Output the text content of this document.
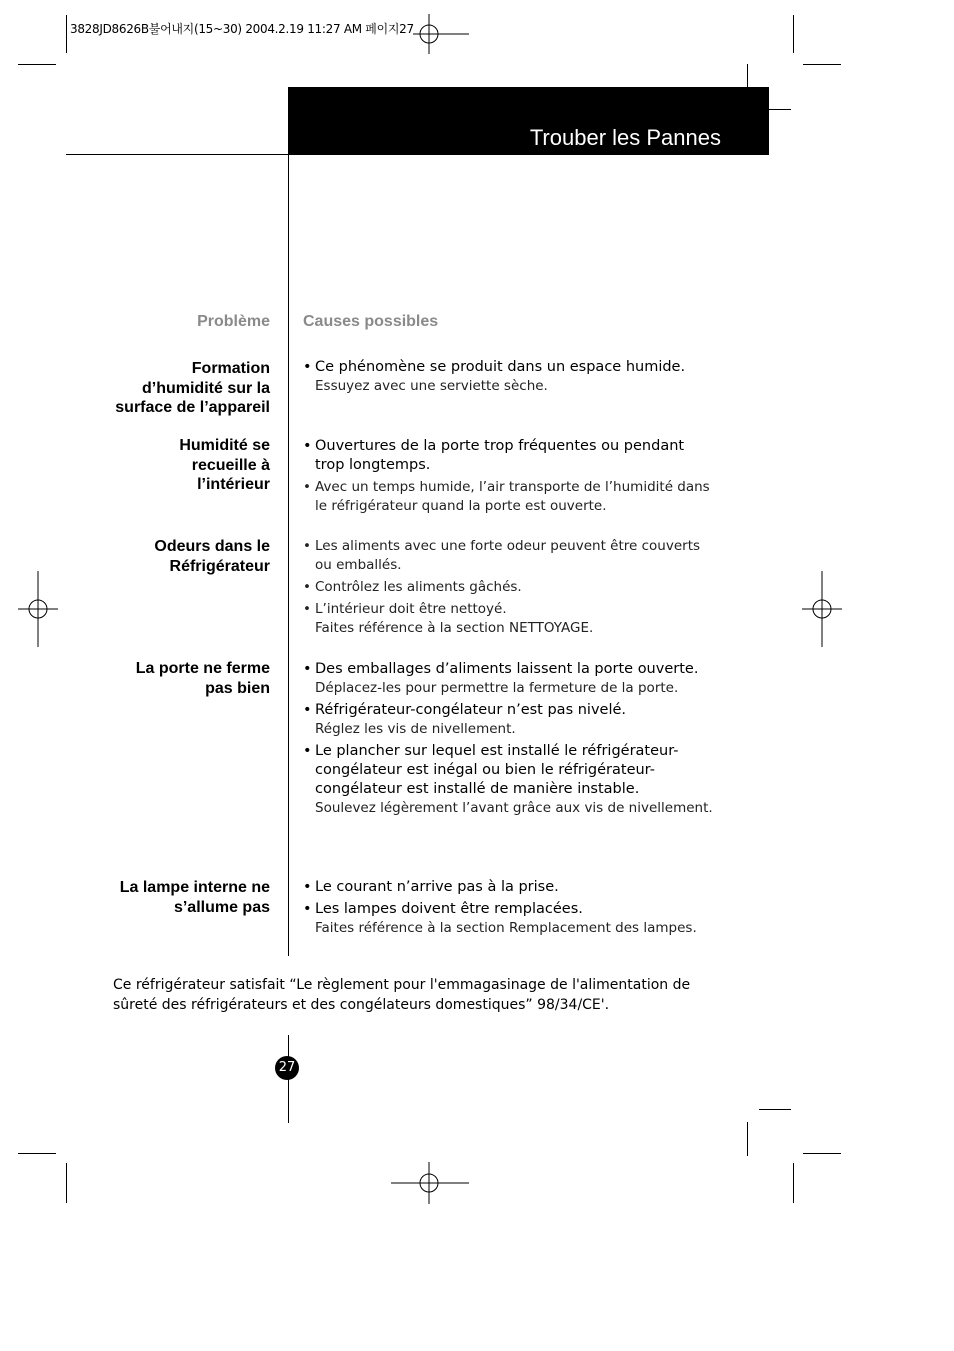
3828JD8626B불어내지(15~30) 2004.2.19 11:27 AM 페이지27
Trouber les Pannes
Problème Causes possibles
Formation
d’humidité sur la
surface de l’appareil
• Ce phénomène se produit dans un espace humide.
Essuyez avec une serviette sèche.
Humidité se
recueille à
l’intérieur
• Ouvertures de la porte trop fréquentes ou pendant trop longtemps.
• Avec un temps humide, l’air transporte de l’humidité dans le réfrigérateur quand la porte est ouverte.
Odeurs dans le
Réfrigérateur
• Les aliments avec une forte odeur peuvent être couverts ou emballés.
• Contrôlez les aliments gâchés.
• L’intérieur doit être nettoyé.
Faites référence à la section NETTOYAGE.
La porte ne ferme
pas bien
• Des emballages d’aliments laissent la porte ouverte.
Déplacez-les pour permettre la fermeture de la porte.
• Réfrigérateur-congélateur n’est pas nivelé.
Réglez les vis de nivellement.
• Le plancher sur lequel est installé le réfrigérateur-congélateur est inégal ou bien le réfrigérateur-congélateur est installé de manière instable.
Soulevez légèrement l’avant grâce aux vis de nivellement.
La lampe interne ne
s’allume pas
• Le courant n’arrive pas à la prise.
• Les lampes doivent être remplacées.
Faites référence à la section Remplacement des lampes.
Ce réfrigérateur satisfait “Le règlement pour l'emmagasinage de l'alimentation de sûreté des réfrigérateurs et des congélateurs domestiques” 98/34/CE'.
27
